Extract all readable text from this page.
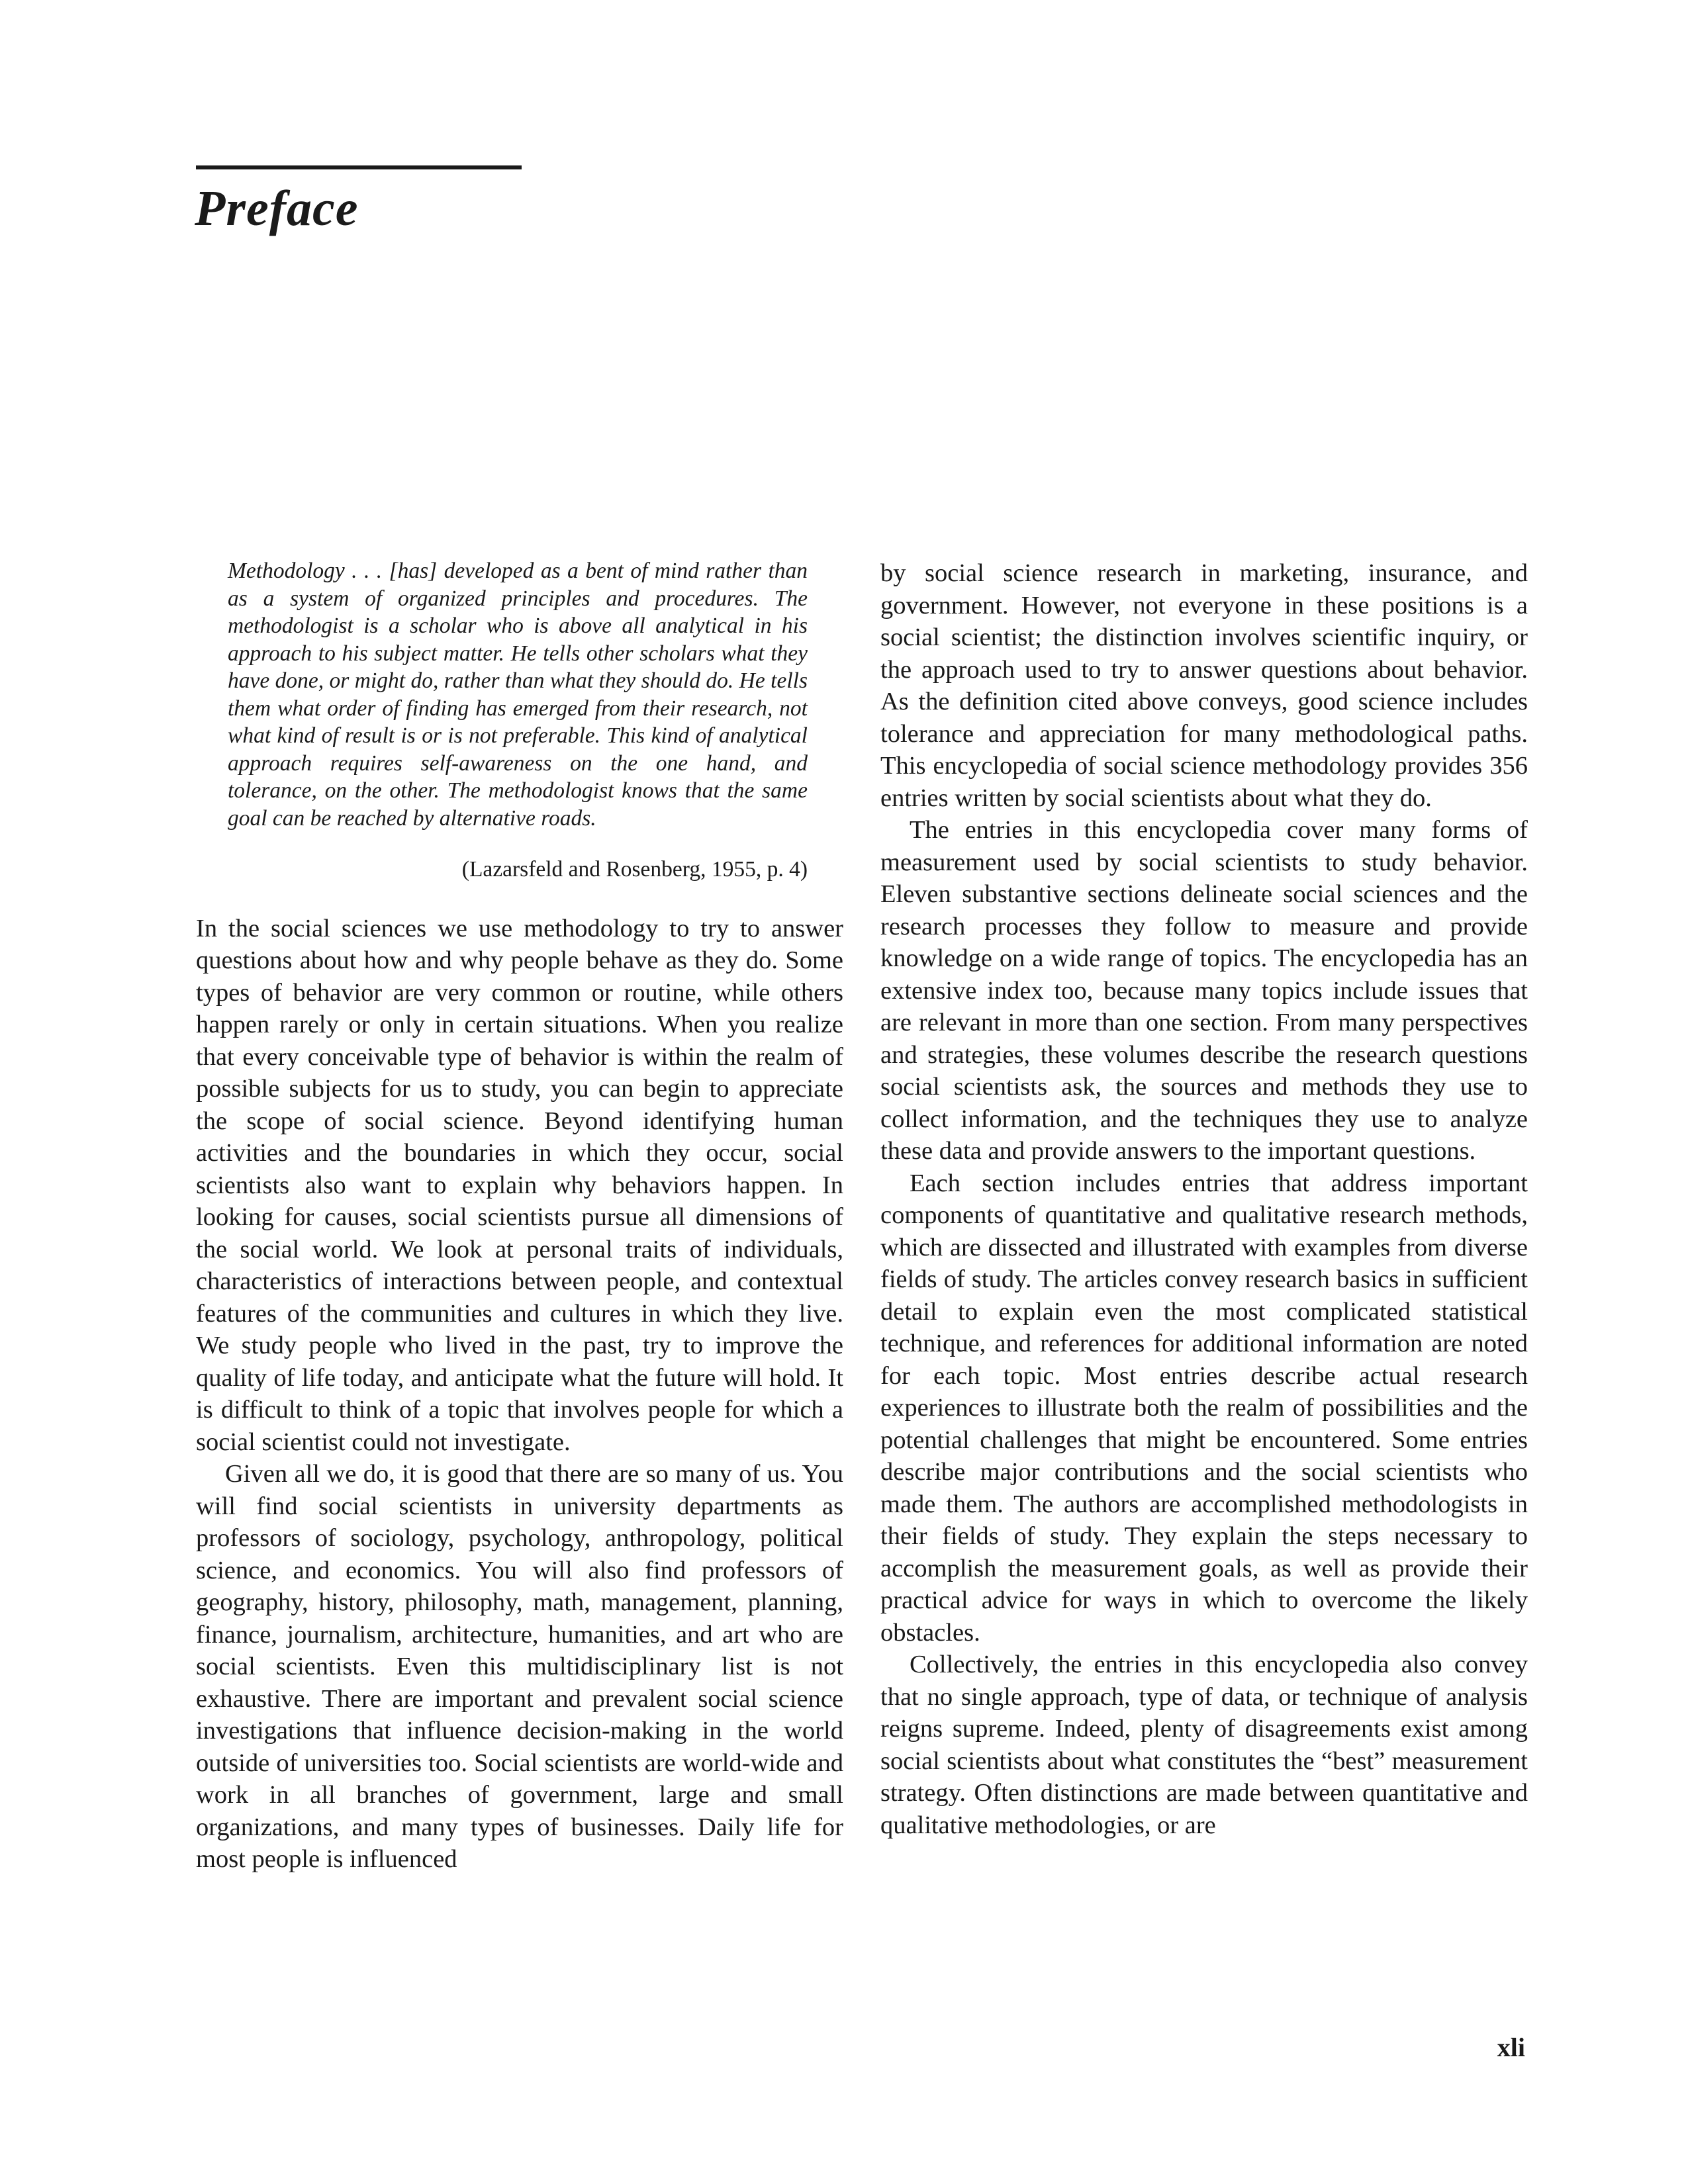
Preface

Methodology . . . [has] developed as a bent of mind rather than as a system of organized principles and procedures. The methodologist is a scholar who is above all analytical in his approach to his subject matter. He tells other scholars what they have done, or might do, rather than what they should do. He tells them what order of finding has emerged from their research, not what kind of result is or is not preferable. This kind of analytical approach requires self-awareness on the one hand, and tolerance, on the other. The methodologist knows that the same goal can be reached by alternative roads.

(Lazarsfeld and Rosenberg, 1955, p. 4)

In the social sciences we use methodology to try to answer questions about how and why people behave as they do. Some types of behavior are very common or routine, while others happen rarely or only in certain situations. When you realize that every conceivable type of behavior is within the realm of possible subjects for us to study, you can begin to appreciate the scope of social science. Beyond identifying human activities and the boundaries in which they occur, social scientists also want to explain why behaviors happen. In looking for causes, social scientists pursue all dimensions of the social world. We look at personal traits of individuals, characteristics of interactions between people, and contextual features of the communities and cultures in which they live. We study people who lived in the past, try to improve the quality of life today, and anticipate what the future will hold. It is difficult to think of a topic that involves people for which a social scientist could not investigate.

Given all we do, it is good that there are so many of us. You will find social scientists in university departments as professors of sociology, psychology, anthropology, political science, and economics. You will also find professors of geography, history, philosophy, math, management, planning, finance, journalism, architecture, humanities, and art who are social scientists. Even this multidisciplinary list is not exhaustive. There are important and prevalent social science investigations that influence decision-making in the world outside of universities too. Social scientists are world-wide and work in all branches of government, large and small organizations, and many types of businesses. Daily life for most people is influenced

by social science research in marketing, insurance, and government. However, not everyone in these positions is a social scientist; the distinction involves scientific inquiry, or the approach used to try to answer questions about behavior. As the definition cited above conveys, good science includes tolerance and appreciation for many methodological paths. This encyclopedia of social science methodology provides 356 entries written by social scientists about what they do.

The entries in this encyclopedia cover many forms of measurement used by social scientists to study behavior. Eleven substantive sections delineate social sciences and the research processes they follow to measure and provide knowledge on a wide range of topics. The encyclopedia has an extensive index too, because many topics include issues that are relevant in more than one section. From many perspectives and strategies, these volumes describe the research questions social scientists ask, the sources and methods they use to collect information, and the techniques they use to analyze these data and provide answers to the important questions.

Each section includes entries that address important components of quantitative and qualitative research methods, which are dissected and illustrated with examples from diverse fields of study. The articles convey research basics in sufficient detail to explain even the most complicated statistical technique, and references for additional information are noted for each topic. Most entries describe actual research experiences to illustrate both the realm of possibilities and the potential challenges that might be encountered. Some entries describe major contributions and the social scientists who made them. The authors are accomplished methodologists in their fields of study. They explain the steps necessary to accomplish the measurement goals, as well as provide their practical advice for ways in which to overcome the likely obstacles.

Collectively, the entries in this encyclopedia also convey that no single approach, type of data, or technique of analysis reigns supreme. Indeed, plenty of disagreements exist among social scientists about what constitutes the “best” measurement strategy. Often distinctions are made between quantitative and qualitative methodologies, or are

xli
